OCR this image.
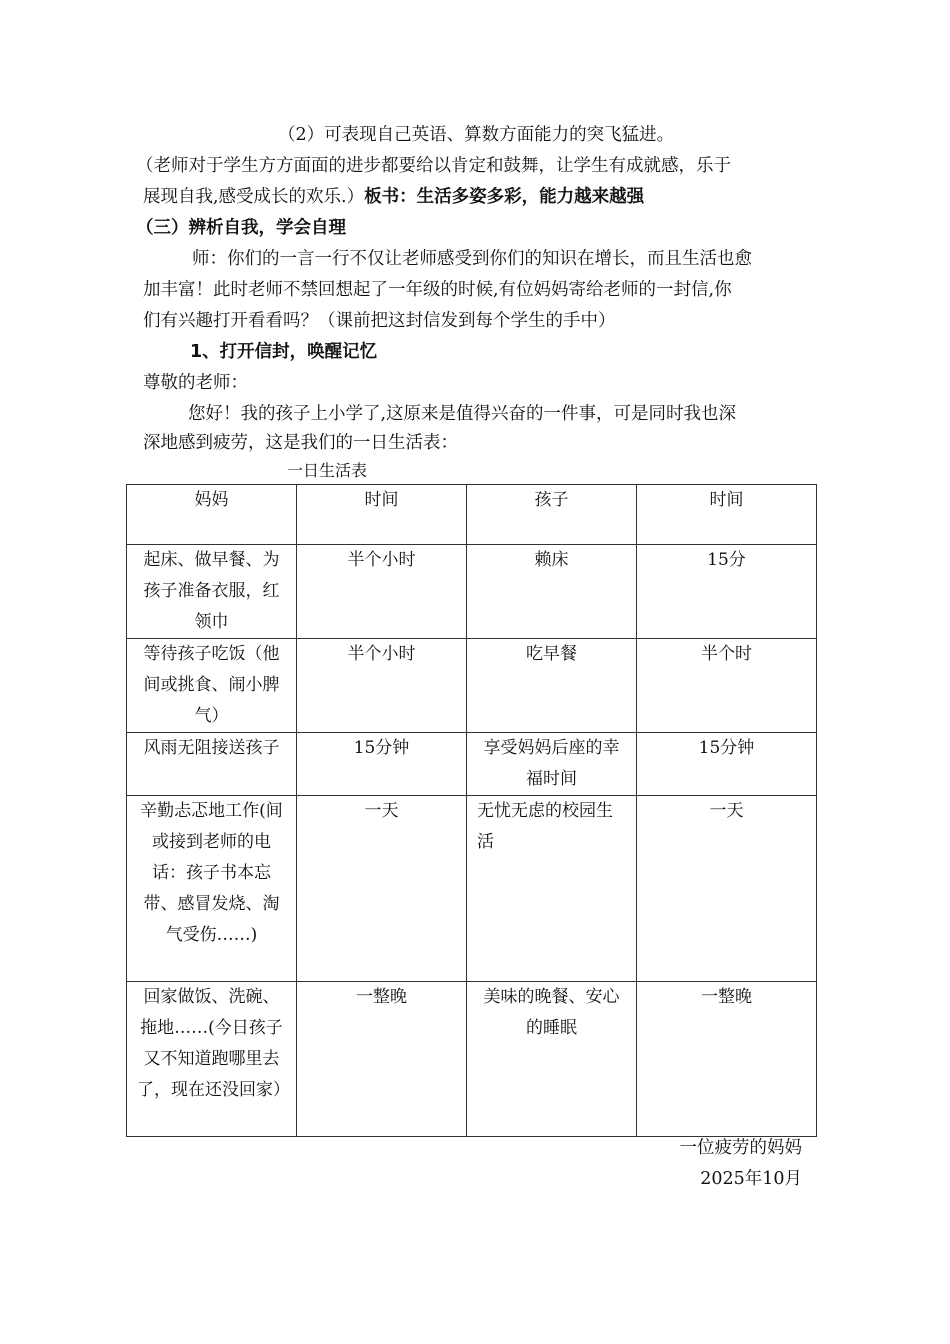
（2）可表现自己英语、算数方面能力的突飞猛进。
（老师对于学生方方面面的进步都要给以肯定和鼓舞，让学生有成就感，乐于
展现自我,感受成长的欢乐.）板书：生活多姿多彩，能力越来越强
（三）辨析自我，学会自理
师：你们的一言一行不仅让老师感受到你们的知识在增长，而且生活也愈
加丰富！此时老师不禁回想起了一年级的时候,有位妈妈寄给老师的一封信,你
们有兴趣打开看看吗？（课前把这封信发到每个学生的手中）
1、打开信封，唤醒记忆
尊敬的老师：
您好！我的孩子上小学了,这原来是值得兴奋的一件事，可是同时我也深
深地感到疲劳，这是我们的一日生活表：
一日生活表
妈妈	时间	孩子	时间
起床、做早餐、为孩子准备衣服，红领巾	半个小时	赖床	15分
等待孩子吃饭（他间或挑食、闹小脾气）	半个小时	吃早餐	半个时
风雨无阻接送孩子	15分钟	享受妈妈后座的幸福时间	15分钟
辛勤忐忑地工作(间或接到老师的电话：孩子书本忘带、感冒发烧、淘气受伤……)	一天	无忧无虑的校园生活	一天
回家做饭、洗碗、拖地……(今日孩子又不知道跑哪里去了，现在还没回家）	一整晚	美味的晚餐、安心的睡眠	一整晚
一位疲劳的妈妈
2025年10月
